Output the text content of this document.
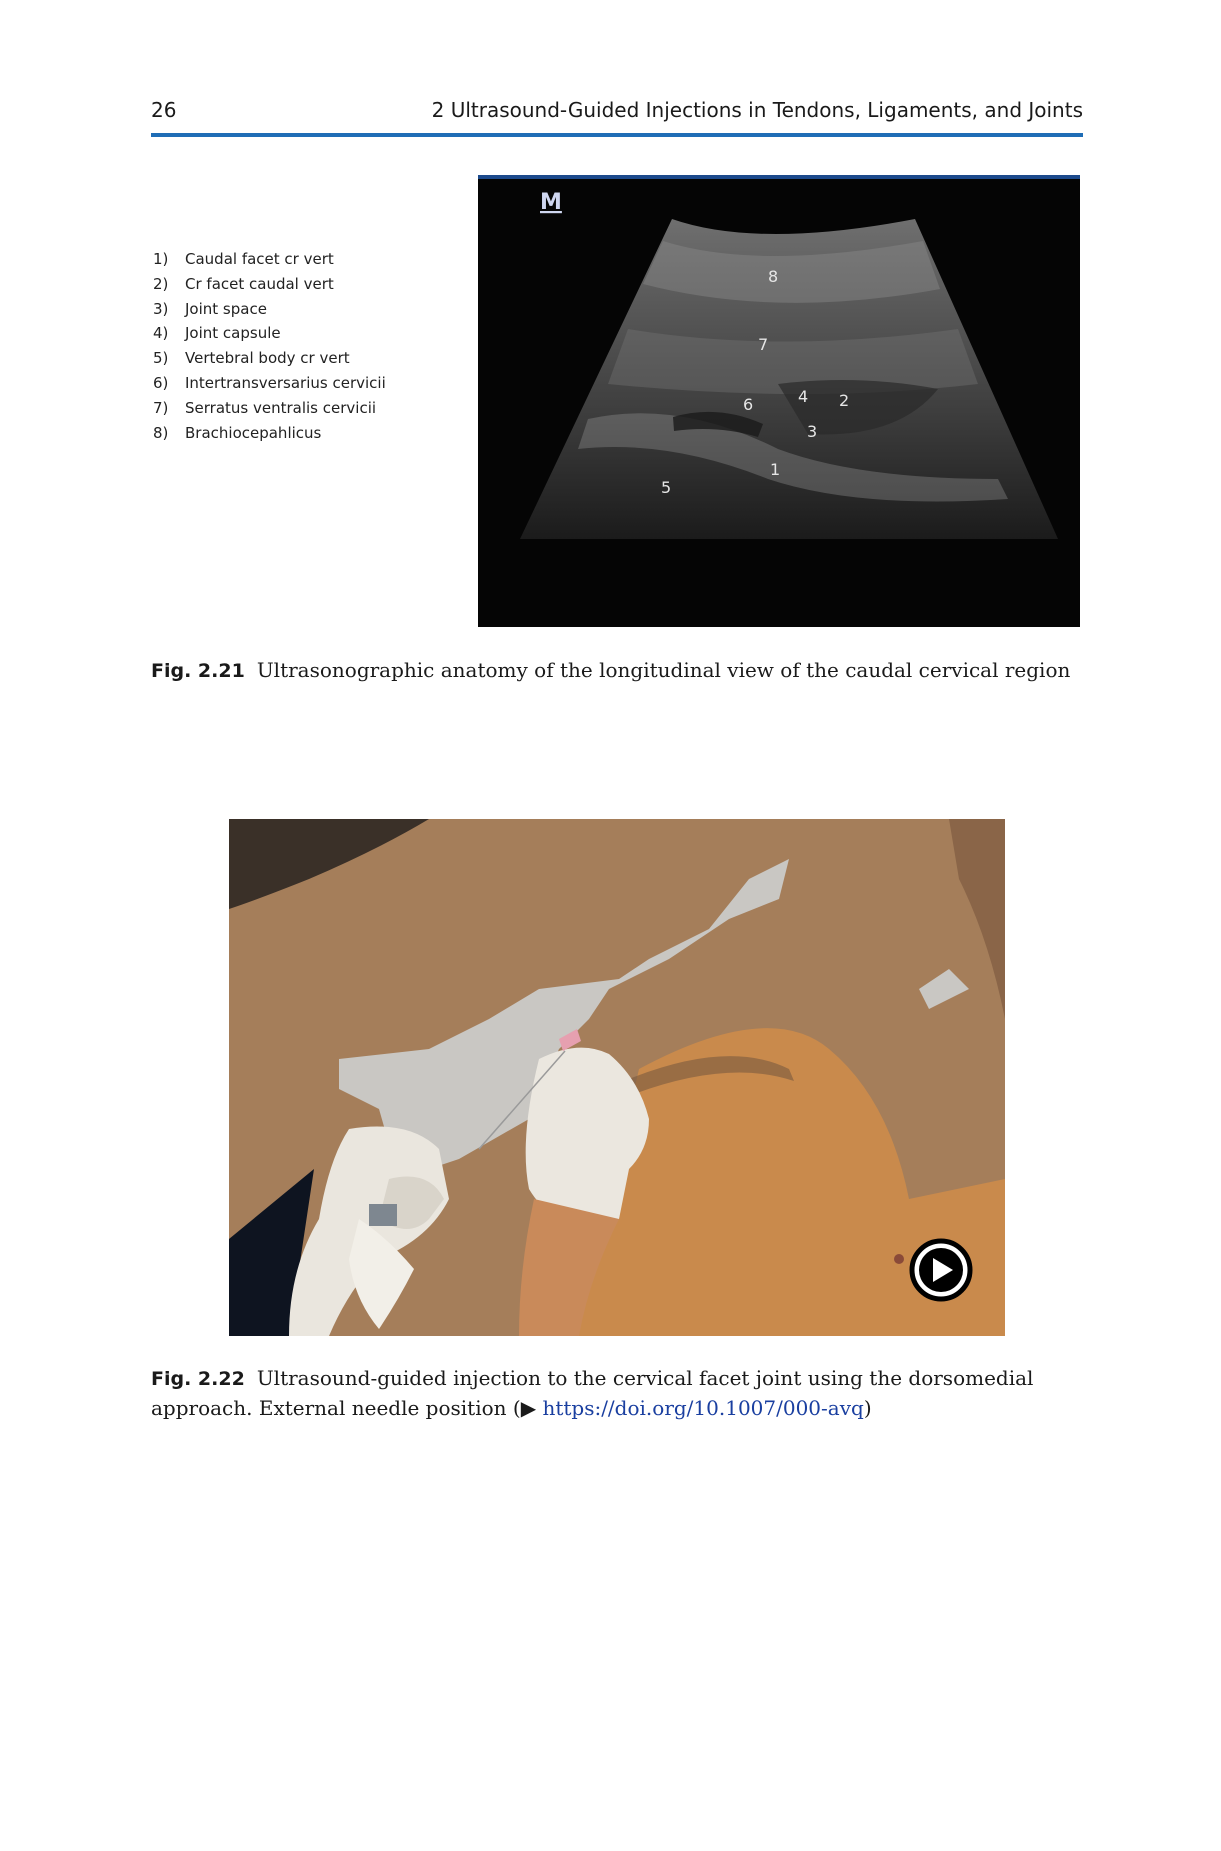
26	2 Ultrasound-Guided Injections in Tendons, Ligaments, and Joints
1)	Caudal facet cr vert
2)	Cr facet caudal vert
3)	Joint space
4)	Joint capsule
5)	Vertebral body cr vert
6)	Intertransversarius cervicii
7)	Serratus ventralis cervicii
8)	Brachiocepahlicus
M
8
7
6	4 2
3
1
5
Fig. 2.21 Ultrasonographic anatomy of the longitudinal view of the caudal cervical region
Fig. 2.22 Ultrasound-guided injection to the cervical facet joint using the dorsomedial approach. External needle position (▶ https://doi.org/10.1007/000-avq)
